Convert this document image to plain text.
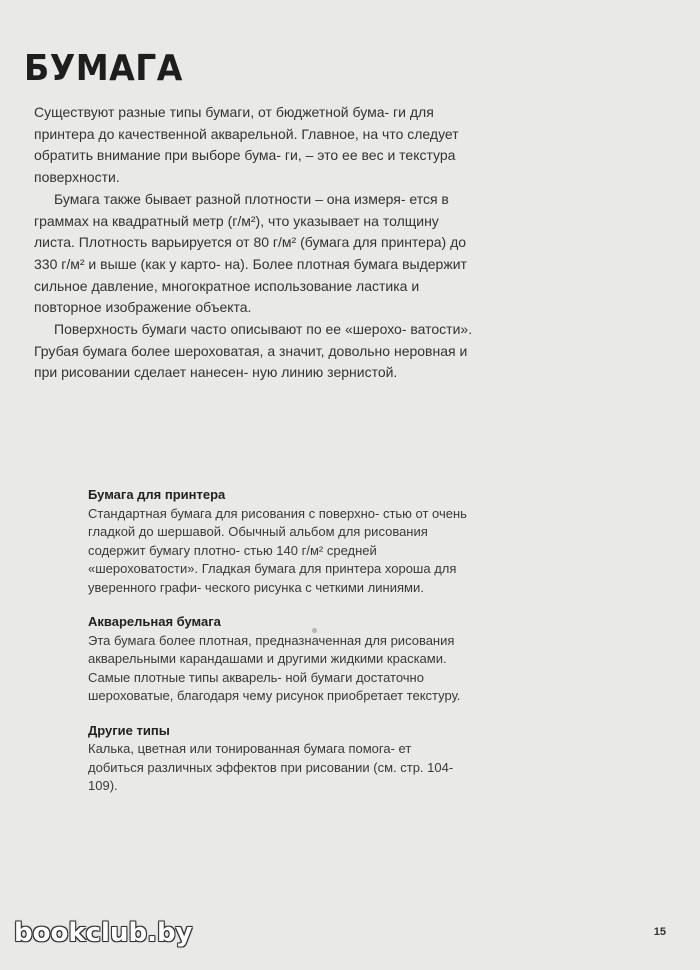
БУМАГА

Существуют разные типы бумаги, от бюджетной бума- ги для принтера до качественной акварельной. Главное, на что следует обратить внимание при выборе бума- ги, – это ее вес и текстура поверхности.

Бумага также бывает разной плотности – она измеря- ется в граммах на квадратный метр (г/м²), что указывает на толщину листа. Плотность варьируется от 80 г/м² (бумага для принтера) до 330 г/м² и выше (как у карто- на). Более плотная бумага выдержит сильное давление, многократное использование ластика и повторное изображение объекта.

Поверхность бумаги часто описывают по ее «шерохо- ватости». Грубая бумага более шероховатая, а значит, довольно неровная и при рисовании сделает нанесен- ную линию зернистой.

Бумага для принтера

Стандартная бумага для рисования с поверхно- стью от очень гладкой до шершавой. Обычный альбом для рисования содержит бумагу плотно- стью 140 г/м² средней «шероховатости». Гладкая бумага для принтера хороша для уверенного графи- ческого рисунка с четкими линиями.

Акварельная бумага

Эта бумага более плотная, предназначенная для рисования акварельными карандашами и другими жидкими красками. Самые плотные типы акварель- ной бумаги достаточно шероховатые, благодаря чему рисунок приобретает текстуру.

Другие типы

Калька, цветная или тонированная бумага помога- ет добиться различных эффектов при рисовании (см. стр. 104-109).

15
bookclub.by
